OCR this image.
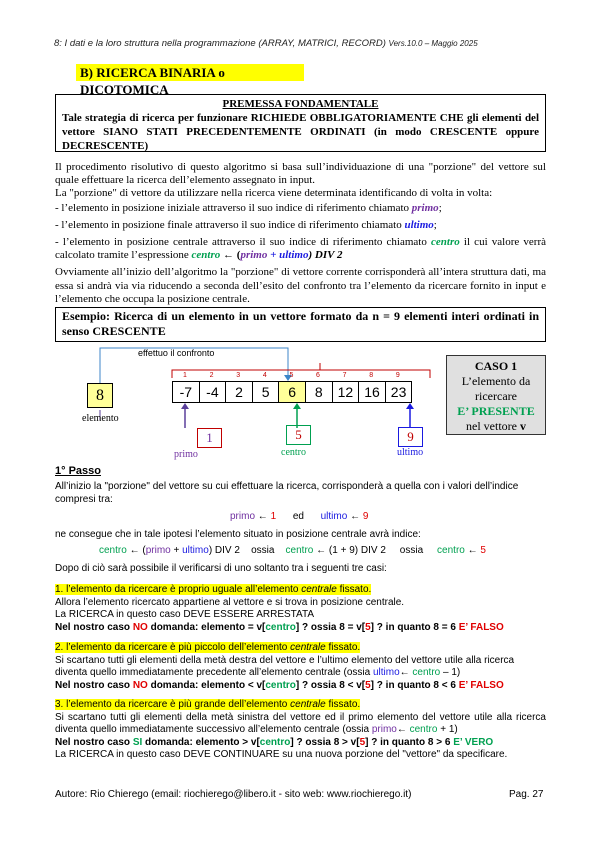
8: I dati e la loro struttura nella programmazione (ARRAY, MATRICI, RECORD) Vers.10.0 – Maggio 2025
B) RICERCA BINARIA o DICOTOMICA
PREMESSA FONDAMENTALE
Tale strategia di ricerca per funzionare RICHIEDE OBBLIGATORIAMENTE CHE gli elementi del vettore SIANO STATI PRECEDENTEMENTE ORDINATI (in modo CRESCENTE oppure DECRESCENTE)
Il procedimento risolutivo di questo algoritmo si basa sull’individuazione di una "porzione" del vettore sul quale effettuare la ricerca dell’elemento assegnato in input.
La "porzione" di vettore da utilizzare nella ricerca viene determinata identificando di volta in volta:
- l’elemento in posizione iniziale attraverso il suo indice di riferimento chiamato primo;
- l’elemento in posizione finale attraverso il suo indice di riferimento chiamato ultimo;
- l’elemento in posizione centrale attraverso il suo indice di riferimento chiamato centro il cui valore verrà calcolato tramite l’espressione centro ← (primo + ultimo) DIV 2
Ovviamente all’inizio dell’algoritmo la "porzione" di vettore corrente corrisponderà all’intera struttura dati, ma essa si andrà via via riducendo a seconda dell’esito del confronto tra l’elemento da ricercare fornito in input e l’elemento che occupa la posizione centrale.
Esempio: Ricerca di un elemento in un vettore formato da n = 9 elementi interi ordinati in senso CRESCENTE
effettuo il confronto
8
elemento
1	2	3	4	5	6	7	8	9
-7	-4	2	5	6	8	12 16 23
1
primo
5
centro
9
ultimo
CASO 1
L’elemento da
ricercare
E’ PRESENTE
nel vettore v
1° Passo
All’inizio la "porzione" del vettore su cui effettuare la ricerca, corrisponderà a quella con i valori dell’indice compresi tra:
primo ← 1 ed ultimo ← 9
ne consegue che in tale ipotesi l’elemento situato in posizione centrale avrà indice:
centro ← (primo + ultimo) DIV 2 ossia centro ← (1 + 9) DIV 2 ossia centro ← 5
Dopo di ciò sarà possibile il verificarsi di uno soltanto tra i seguenti tre casi:
1. l’elemento da ricercare è proprio uguale all’elemento centrale fissato.
Allora l’elemento ricercato appartiene al vettore e si trova in posizione centrale.
La RICERCA in questo caso DEVE ESSERE ARRESTATA
Nel nostro caso NO domanda: elemento = v[centro] ? ossia 8 = v[5] ? in quanto 8 = 6 E’ FALSO
2. l’elemento da ricercare è più piccolo dell’elemento centrale fissato.
Si scartano tutti gli elementi della metà destra del vettore e l’ultimo elemento del vettore utile alla ricerca diventa quello immediatamente precedente all’elemento centrale (ossia ultimo← centro – 1)
Nel nostro caso NO domanda: elemento < v[centro] ? ossia 8 < v[5] ? in quanto 8 < 6 E’ FALSO
3. l’elemento da ricercare è più grande dell’elemento centrale fissato.
Si scartano tutti gli elementi della metà sinistra del vettore ed il primo elemento del vettore utile alla ricerca diventa quello immediatamente successivo all’elemento centrale (ossia primo← centro + 1)
Nel nostro caso SI domanda: elemento > v[centro] ? ossia 8 > v[5] ? in quanto 8 > 6 E’ VERO
La RICERCA in questo caso DEVE CONTINUARE su una nuova porzione del "vettore" da specificare.
Autore: Rio Chierego (email: riochierego@libero.it - sito web: www.riochierego.it)	Pag. 27
